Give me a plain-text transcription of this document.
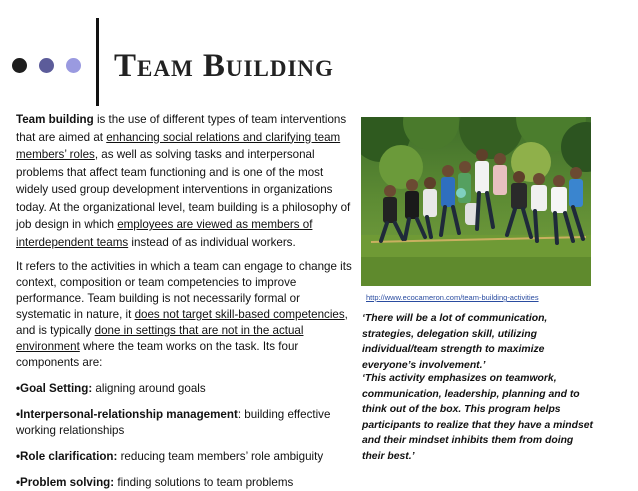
Team Building

Team building is the use of different types of team interventions that are aimed at enhancing social relations and clarifying team members’ roles, as well as solving tasks and interpersonal problems that affect team functioning and is one of the most widely used group development interventions in organizations today. At the organizational level, team building is a philosophy of job design in which employees are viewed as members of interdependent teams instead of as individual workers.

It refers to the activities in which a team can engage to change its context, composition or team competencies to improve performance. Team building is not necessarily formal or systematic in nature, it does not target skill-based competencies, and is typically done in settings that are not in the actual environment where the team works on the task. Its four components are:

•Goal Setting: aligning around goals

•Interpersonal-relationship management: building effective working relationships

•Role clarification: reducing team members’ role ambiguity

•Problem solving: finding solutions to team problems

http://www.ecocameron.com/team-building-activities
‘There will be a lot of communication, strategies, delegation skill, utilizing individual/team strength to maximize everyone’s involvement.’
‘This activity emphasizes on teamwork, communication, leadership, planning and to think out of the box. This program helps participants to realize that they have a mindset and their mindset inhibits them from doing their best.’
